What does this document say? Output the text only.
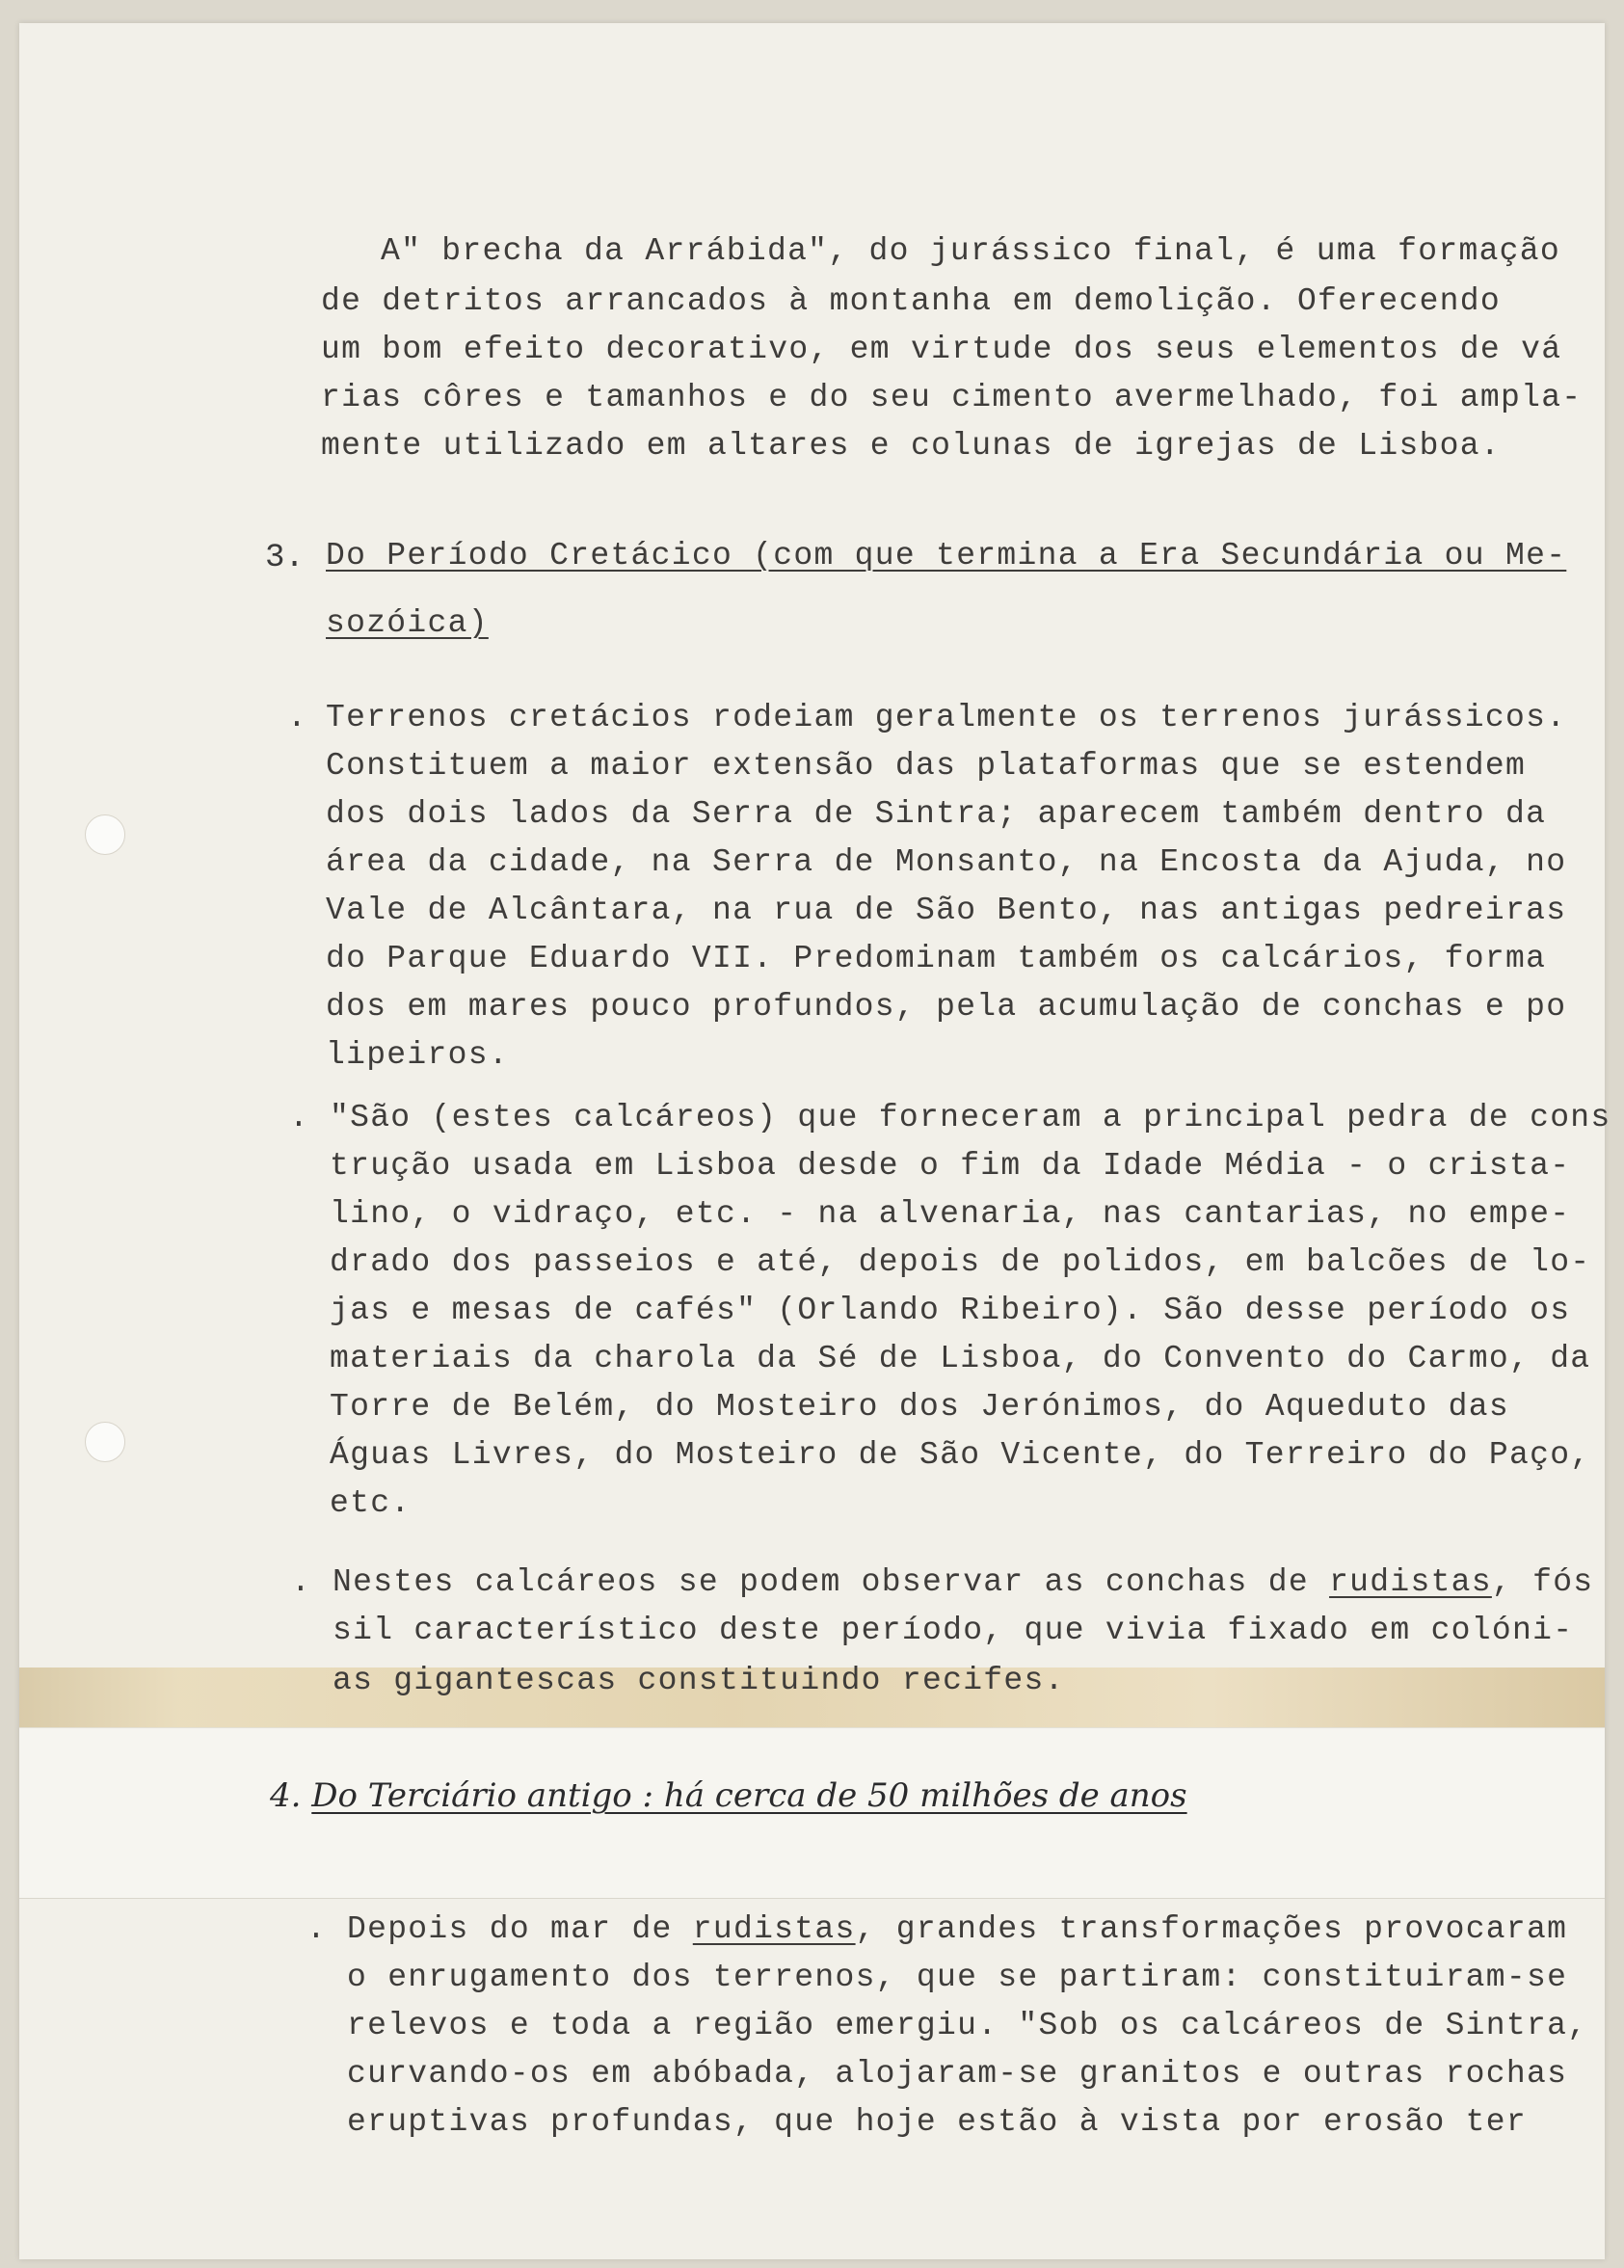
A" brecha da Arrábida", do jurássico final, é uma formação
de detritos arrancados à montanha em demolição. Oferecendo
um bom efeito decorativo, em virtude dos seus elementos de vá
rias côres e tamanhos e do seu cimento avermelhado, foi ampla-
mente utilizado em altares e colunas de igrejas de Lisboa.
3. Do Período Cretácico (com que termina a Era Secundária ou Me-
sozóica)
. Terrenos cretácios rodeiam geralmente os terrenos jurássicos.
Constituem a maior extensão das plataformas que se estendem
dos dois lados da Serra de Sintra; aparecem também dentro da
área da cidade, na Serra de Monsanto, na Encosta da Ajuda, no
Vale de Alcântara, na rua de São Bento, nas antigas pedreiras
do Parque Eduardo VII. Predominam também os calcários, forma
dos em mares pouco profundos, pela acumulação de conchas e po
lipeiros.
. "São (estes calcáreos) que forneceram a principal pedra de cons
trução usada em Lisboa desde o fim da Idade Média - o crista-
lino, o vidraço, etc. - na alvenaria, nas cantarias, no empe-
drado dos passeios e até, depois de polidos, em balcões de lo-
jas e mesas de cafés" (Orlando Ribeiro). São desse período os
materiais da charola da Sé de Lisboa, do Convento do Carmo, da
Torre de Belém, do Mosteiro dos Jerónimos, do Aqueduto das
Águas Livres, do Mosteiro de São Vicente, do Terreiro do Paço,
etc.
. Nestes calcáreos se podem observar as conchas de rudistas, fós
sil característico deste período, que vivia fixado em colóni-
as gigantescas constituindo recifes.
4. Do Terciário antigo : há cerca de 50 milhões de anos
. Depois do mar de rudistas, grandes transformações provocaram
o enrugamento dos terrenos, que se partiram: constituiram-se
relevos e toda a região emergiu. "Sob os calcáreos de Sintra,
curvando-os em abóbada, alojaram-se granitos e outras rochas
eruptivas profundas, que hoje estão à vista por erosão ter
